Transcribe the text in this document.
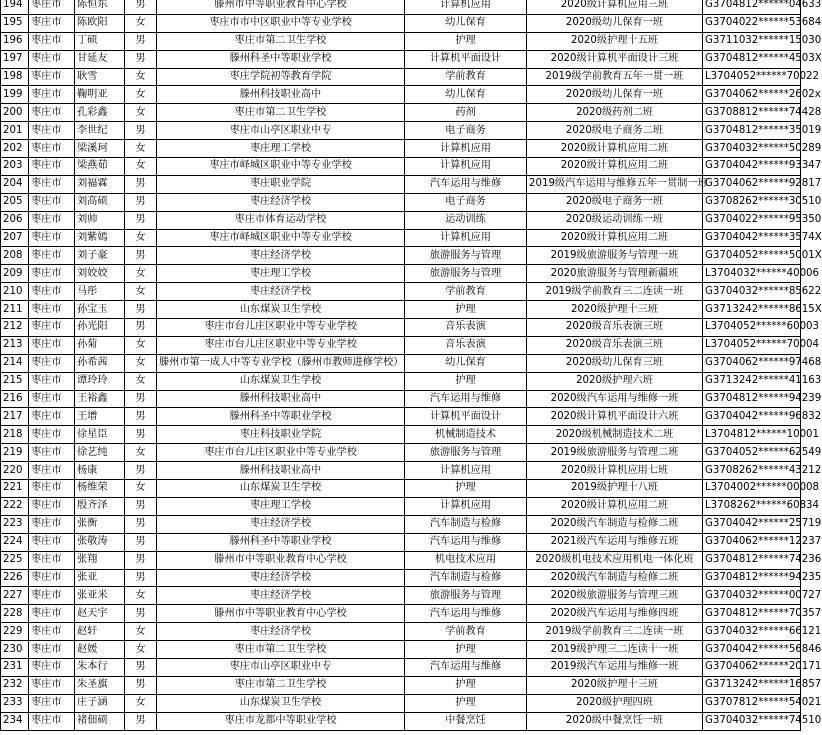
194	枣庄市	陈恒东	男	滕州市中等职业教育中心学校	计算机应用	2020级计算机应用三班	G3704812******04633
195	枣庄市	陈欧阳	女	枣庄市市中区职业中等专业学校	幼儿保育	2020级幼儿保育一班	G3704022******53684
196	枣庄市	丁硕	男	枣庄市第二卫生学校	护理	2020级护理十五班	G3711032******15030
197	枣庄市	甘延友	男	滕州科圣中等职业学校	计算机平面设计	2020级计算机平面设计三班	G3704812******4503X
198	枣庄市	耿雪	女	枣庄学院初等教育学院	学前教育	2019级学前教育五年一贯一班	L3704052******70022
199	枣庄市	鞠明亚	女	滕州科技职业高中	幼儿保育	2020级幼儿保育一班	G3704062******2602x
200	枣庄市	孔彩鑫	女	枣庄市第二卫生学校	药剂	2020级药剂二班	G3708812******74428
201	枣庄市	李世纪	男	枣庄市山亭区职业中专	电子商务	2020级电子商务二班	G3704812******35019
202	枣庄市	梁溪珂	女	枣庄理工学校	计算机应用	2020级计算机应用二班	G3704032******50289
203	枣庄市	梁燕茹	女	枣庄市峄城区职业中等专业学校	计算机应用	2020级计算机应用二班	G3704042******93347
204	枣庄市	刘福霖	男	枣庄职业学院	汽车运用与维修	2019级汽车运用与维修五年一贯制一班	G3704062******92817
205	枣庄市	刘高硕	男	枣庄经济学校	电子商务	2020级电子商务一班	G3708262******30510
206	枣庄市	刘帅	男	枣庄市体育运动学校	运动训练	2020级运动训练一班	G3704022******95350
207	枣庄市	刘紫嫣	女	枣庄市峄城区职业中等专业学校	计算机应用	2020级计算机应用二班	G3704042******3574X
208	枣庄市	刘子豪	男	枣庄经济学校	旅游服务与管理	2019级旅游服务与管理一班	G3704052******5001X
209	枣庄市	刘姣姣	女	枣庄理工学校	旅游服务与管理	2020旅游服务与管理新疆班	L3704032******40006
210	枣庄市	马彤	女	枣庄经济学校	学前教育	2019级学前教育三二连读一班	G3704032******85622
211	枣庄市	孙宝玉	男	山东煤炭卫生学校	护理	2020级护理十三班	G3713242******8615X
212	枣庄市	孙光阳	男	枣庄市台儿庄区职业中等专业学校	音乐表演	2020级音乐表演三班	L3704052******60003
213	枣庄市	孙菊	女	枣庄市台儿庄区职业中等专业学校	音乐表演	2020级音乐表演三班	L3704052******70004
214	枣庄市	孙希茜	女	滕州市第一成人中等专业学校（滕州市教师进修学校）	幼儿保育	2020级幼儿保育三班	G3704062******97468
215	枣庄市	谭玲玲	女	山东煤炭卫生学校	护理	2020级护理六班	G3713242******41163
216	枣庄市	王裕鑫	男	滕州科技职业高中	汽车运用与维修	2020级汽车运用与维修一班	G3704812******94239
217	枣庄市	王增	男	滕州科圣中等职业学校	计算机平面设计	2020级计算机平面设计六班	G3704042******96832
218	枣庄市	徐星臣	男	枣庄科技职业学院	机械制造技术	2020级机械制造技术二班	L3704812******10001
219	枣庄市	徐艺纯	女	枣庄市台儿庄区职业中等专业学校	旅游服务与管理	2019级旅游服务与管理二班	G3704052******62549
220	枣庄市	杨康	男	滕州科技职业高中	计算机应用	2020级计算机应用七班	G3708262******43212
221	枣庄市	杨维荣	女	山东煤炭卫生学校	护理	2019级护理十八班	L3704002******00008
222	枣庄市	殷齐泽	男	枣庄理工学校	计算机应用	2020级计算机应用二班	L3708262******60834
223	枣庄市	张衡	男	枣庄经济学校	汽车制造与检修	2020级汽车制造与检修二班	G3704042******25719
224	枣庄市	张敬涛	男	滕州科圣中等职业学校	汽车运用与维修	2021级汽车运用与维修五班	G3704062******12237
225	枣庄市	张翔	男	滕州市中等职业教育中心学校	机电技术应用	2020级机电技术应用机电一体化班	G3704812******74236
226	枣庄市	张亚	男	枣庄经济学校	汽车制造与检修	2020级汽车制造与检修二班	G3704812******94235
227	枣庄市	张亚米	女	枣庄经济学校	旅游服务与管理	2020级旅游服务与管理三班	G3704032******00727
228	枣庄市	赵天宇	男	滕州市中等职业教育中心学校	汽车运用与维修	2020级汽车运用与维修四班	G3704812******70357
229	枣庄市	赵轩	女	枣庄经济学校	学前教育	2019级学前教育三二连读一班	G3704032******66121
230	枣庄市	赵媛	女	枣庄市第二卫生学校	护理	2019级护理三二连读十一班	G3704042******56846
231	枣庄市	朱本行	男	枣庄市山亭区职业中专	汽车运用与维修	2019级汽车运用与维修一班	G3704062******20171
232	枣庄市	朱圣旗	男	枣庄市第二卫生学校	护理	2020级护理十三班	G3713242******16857
233	枣庄市	庄子涵	女	山东煤炭卫生学校	护理	2020级护理四班	G3707812******54021
234	枣庄市	褚佃硕	男	枣庄市龙都中等职业学校	中餐烹饪	2020级中餐烹饪一班	G3704032******74510
